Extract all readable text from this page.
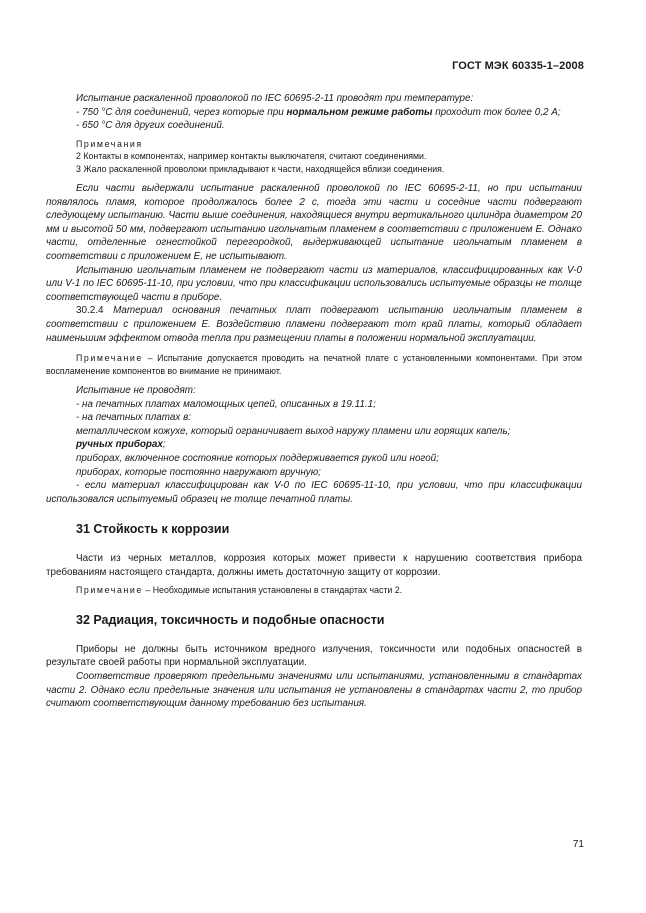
ГОСТ МЭК 60335-1–2008

Испытание раскаленной проволокой по IEC 60695-2-11 проводят при температуре:

- 750 °С для соединений, через которые при нормальном режиме работы проходит ток более 0,2 А;

- 650 °С для других соединений.

Примечания

2 Контакты в компонентах, например контакты выключателя, считают соединениями.

3 Жало раскаленной проволоки прикладывают к части, находящейся вблизи соединения.

Если части выдержали испытание раскаленной проволокой по IEC 60695-2-11, но при испытании появлялось пламя, которое продолжалось более 2 с, тогда эти части и соседние части подвергают следующему испытанию. Части выше соединения, находящиеся внутри вертикального цилиндра диаметром 20 мм и высотой 50 мм, подвергают испытанию игольчатым пламенем в соответствии с приложением Е. Однако части, отделенные огнестойкой перегородкой, выдерживающей испытание игольчатым пламенем в соответствии с приложением Е, не испытывают.

Испытанию игольчатым пламенем не подвергают части из материалов, классифицированных как V-0 или V-1 по IEC 60695-11-10, при условии, что при классификации использовались испытуемые образцы не толще соответствующей части в приборе.

30.2.4 Материал основания печатных плат подвергают испытанию игольчатым пламенем в соответствии с приложением Е. Воздействию пламени подвергают тот край платы, который обладает наименьшим эффектом отвода тепла при размещении платы в положении нормальной эксплуатации.

Примечание – Испытание допускается проводить на печатной плате с установленными компонентами. При этом воспламенение компонентов во внимание не принимают.

Испытание не проводят:

- на печатных платах маломощных цепей, описанных в 19.11.1;

- на печатных платах в:

металлическом кожухе, который ограничивает выход наружу пламени или горящих капель;

ручных приборах;

приборах, включенное состояние которых поддерживается рукой или ногой;

приборах, которые постоянно нагружают вручную;

- если материал классифицирован как V-0 по IEC 60695-11-10, при условии, что при классификации использовался испытуемый образец не толще печатной платы.

31 Стойкость к коррозии

Части из черных металлов, коррозия которых может привести к нарушению соответствия прибора требованиям настоящего стандарта, должны иметь достаточную защиту от коррозии.

Примечание – Необходимые испытания установлены в стандартах части 2.

32 Радиация, токсичность и подобные опасности

Приборы не должны быть источником вредного излучения, токсичности или подобных опасностей в результате своей работы при нормальной эксплуатации.

Соответствие проверяют предельными значениями или испытаниями, установленными в стандартах части 2. Однако если предельные значения или испытания не установлены в стандартах части 2, то прибор считают соответствующим данному требованию без испытания.

71
